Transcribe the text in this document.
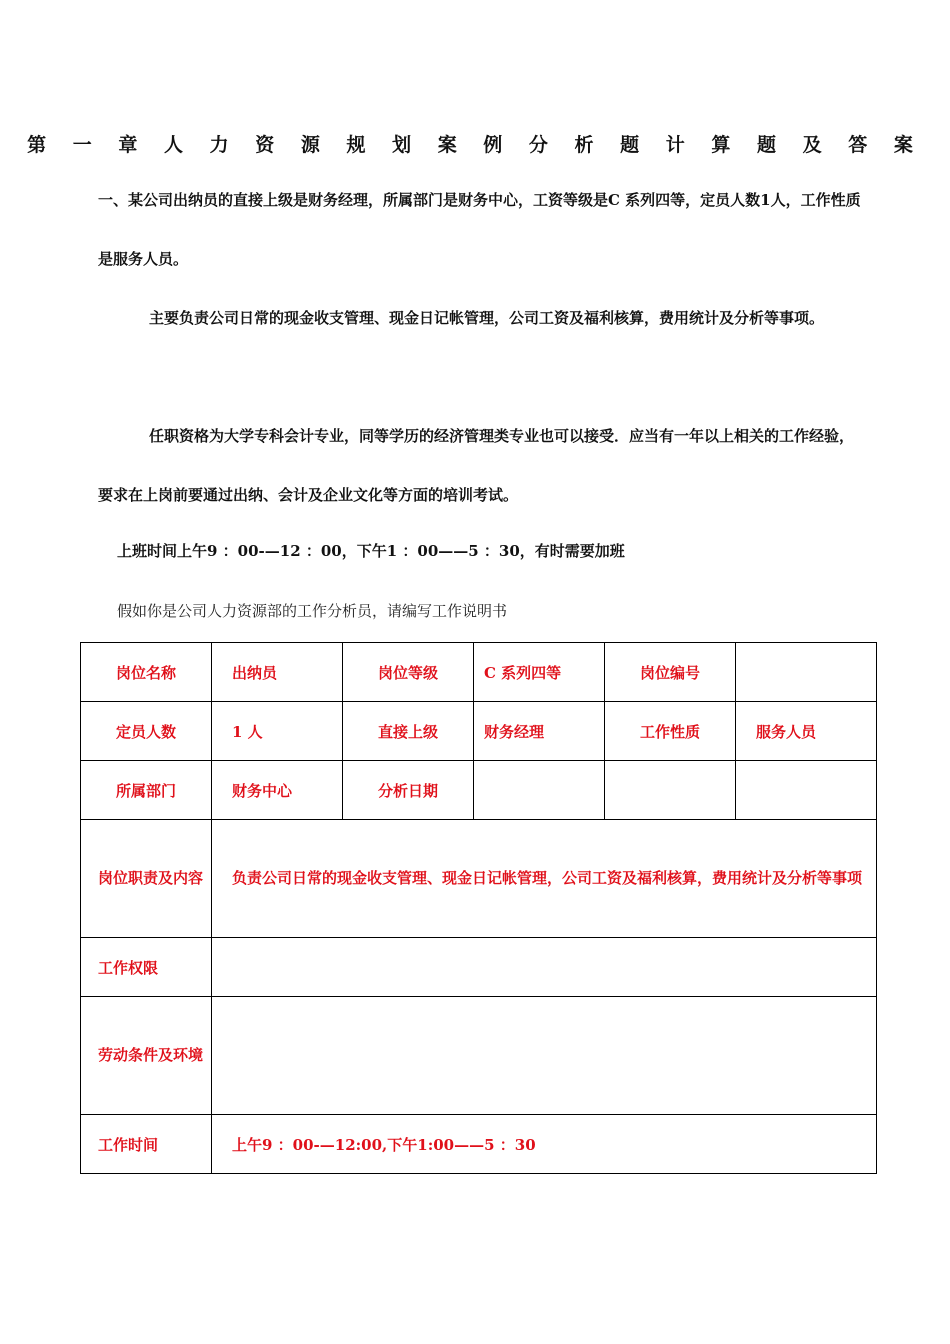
第 一 章 人 力 资 源 规 划 案 例 分 析 题 计 算 题 及 答 案
一、某公司出纳员的直接上级是财务经理，所属部门是财务中心，工资等级是C 系列四等，定员人数1人，工作性质是服务人员。
主要负责公司日常的现金收支管理、现金日记帐管理，公司工资及福利核算，费用统计及分析等事项。
任职资格为大学专科会计专业，同等学历的经济管理类专业也可以接受．应当有一年以上相关的工作经验，要求在上岗前要通过出纳、会计及企业文化等方面的培训考试。
上班时间上午9 ：00-—12 ：00，下午1 ：00——5 ：30，有时需要加班
假如你是公司人力资源部的工作分析员，请编写工作说明书
岗位名称	出纳员	岗位等级	C 系列四等	岗位编号	
定员人数	1 人	直接上级	财务经理	工作性质	服务人员
所属部门	财务中心	分析日期			
岗位职责及内容	负责公司日常的现金收支管理、现金日记帐管理，公司工资及福利核算，费用统计及分析等事项				
工作权限					
劳动条件及环境					
工作时间	上午9 ：00-—12:00,下午1:00——5 ：30				
